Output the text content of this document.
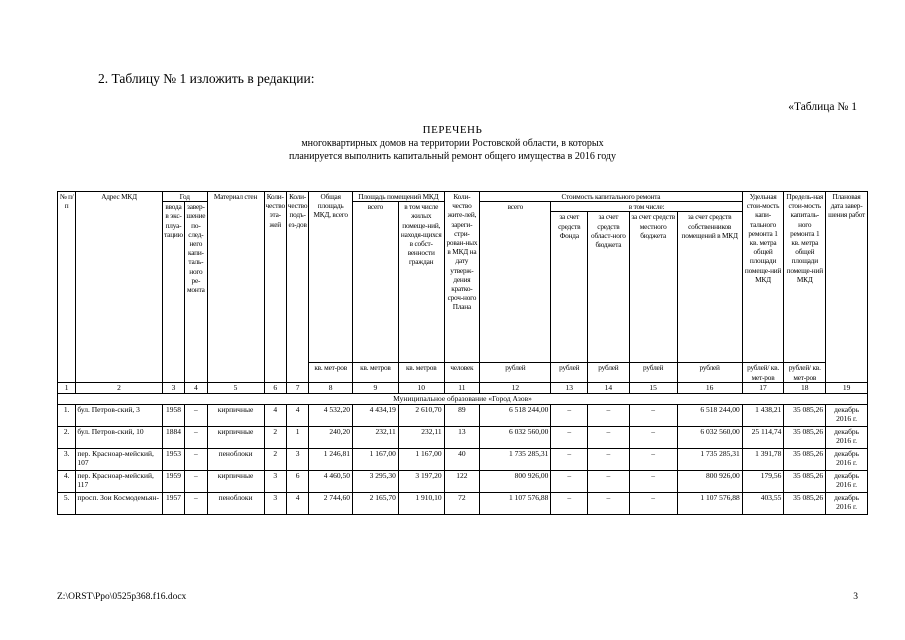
2. Таблицу № 1 изложить в редакции:
«Таблица № 1
ПЕРЕЧЕНЬ
многоквартирных домов на территории Ростовской области, в которых
планируется выполнить капитальный ремонт общего имущества в 2016 году
№ п/п	Адрес МКД	Год		Материал стен	Коли-чество эта-жей	Коли-чество подъ-ез-дов	Общая площадь МКД, всего	Площадь помещений МКД		Коли-чество жите-лей, зареги-стри-рован-ных в МКД на дату утверж-дения кратко-сроч-ного Плана	Стоимость капитального ремонта					Удельная стои-мость капи-тального ремонта 1 кв. метра общей площади помеще-ний МКД	Предель-ная стои-мость капиталь-ного ремонта 1 кв. метра общей площади помеще-ний МКД	Плановая дата завер-шения работ
		ввода в экс-плуа-тацию	завер-шение по-след-него капи-таль-ного ре-монта					всего	в том числе жилых помеще-ний, находя-щихся в собст-венности граждан		всего	в том числе:						
												за счет средств Фонда	за счет средств област-ного бюджета	за счет средств местного бюджета	за счет средств собственников помещений в МКД			
							кв. мет-ров	кв. метров	кв. метров	человек	рублей	рублей	рублей	рублей	рублей	рублей/ кв. мет-ров	рублей/ кв. мет-ров	
1	2	3	4	5	6	7	8	9	10	11	12	13	14	15	16	17	18	19
Муниципальное образование «Город Азов»																		
1.	бул. Петров-ский, 3	1958	–	кирпичные	4	4	4 532,20	4 434,19	2 610,70	89	6 518 244,00	–	–	–	6 518 244,00	1 438,21	35 085,26	декабрь 2016 г.
2.	бул. Петров-ский, 10	1884	–	кирпичные	2	1	240,20	232,11	232,11	13	6 032 560,00	–	–	–	6 032 560,00	25 114,74	35 085,26	декабрь 2016 г.
3.	пер. Краснoар-мейский, 107	1953	–	пеноблоки	2	3	1 246,81	1 167,00	1 167,00	40	1 735 285,31	–	–	–	1 735 285,31	1 391,78	35 085,26	декабрь 2016 г.
4.	пер. Красноар-мейский, 117	1959	–	кирпичные	3	6	4 460,50	3 295,30	3 197,20	122	800 926,00	–	–	–	800 926,00	179,56	35 085,26	декабрь 2016 г.
5.	просп. Зои Космодемьян-	1957	–	пеноблоки	3	4	2 744,60	2 165,70	1 910,10	72	1 107 576,88	–	–	–	1 107 576,88	403,55	35 085,26	декабрь 2016 г.
Z:\ORST\Ppo\0525p368.f16.docx	3
